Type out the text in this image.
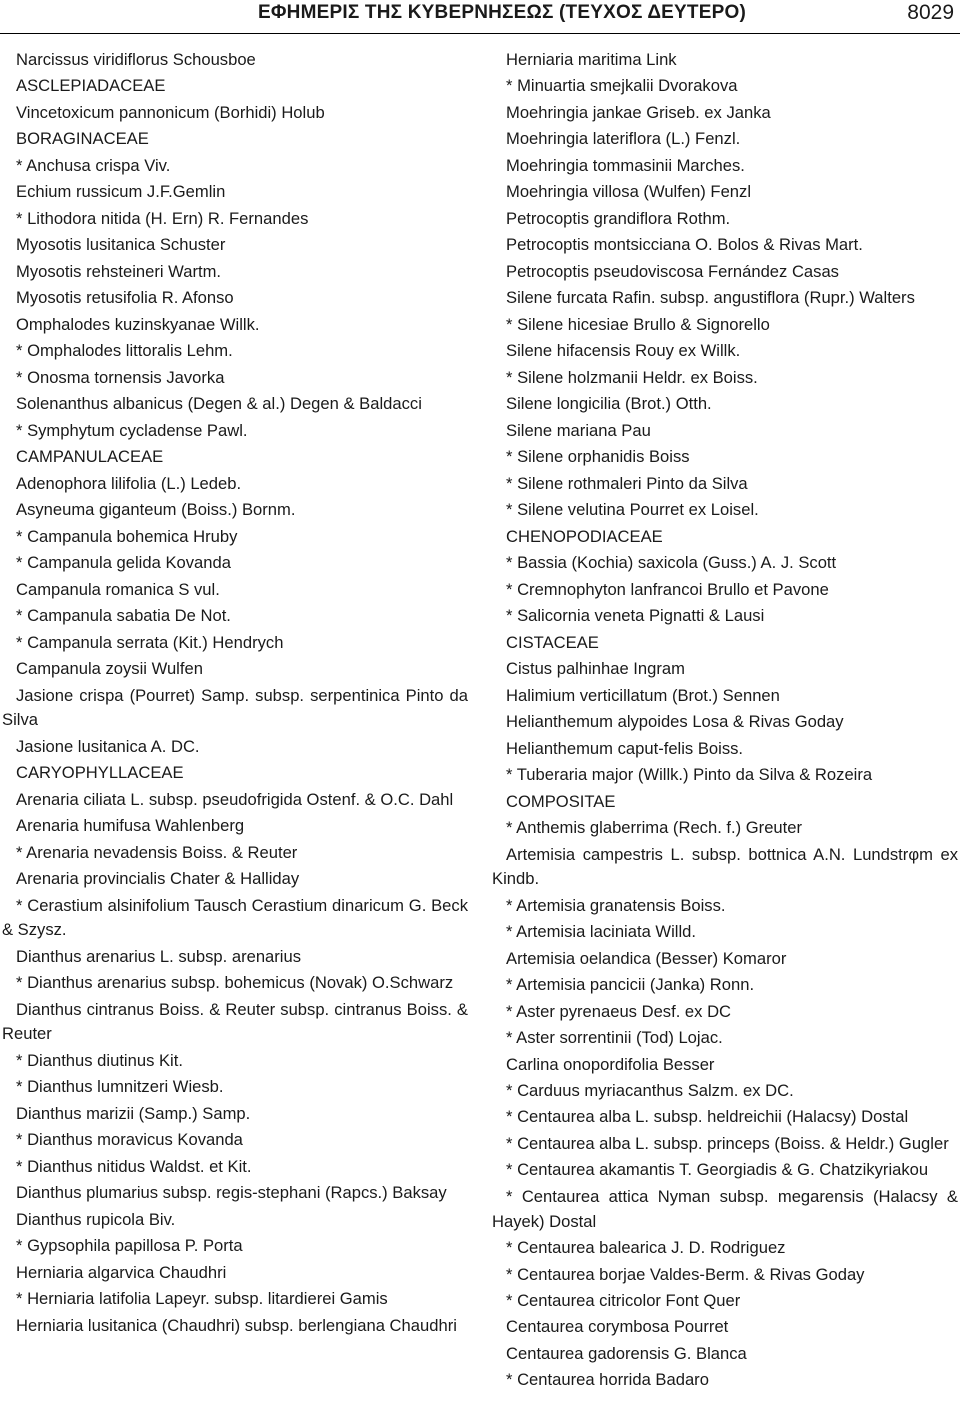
ΕΦΗΜΕΡΙΣ ΤΗΣ ΚΥΒΕΡΝΗΣΕΩΣ (ΤΕΥΧΟΣ ΔΕΥΤΕΡΟ)	8029

Narcissus viridiflorus Schousboe

ASCLEPIADACEAE

Vincetoxicum pannonicum (Borhidi) Holub

BORAGINACEAE

* Anchusa crispa Viv.

Echium russicum J.F.Gemlin

* Lithodora nitida (H. Ern) R. Fernandes

Myosotis lusitanica Schuster

Myosotis rehsteineri Wartm.

Myosotis retusifolia R. Afonso

Omphalodes kuzinskyanae Willk.

* Omphalodes littoralis Lehm.

* Onosma tornensis Javorka

Solenanthus albanicus (Degen & al.) Degen & Baldacci

* Symphytum cycladense Pawl.

CAMPANULACEAE

Adenophora lilifolia (L.) Ledeb.

Asyneuma giganteum (Boiss.) Bornm.

* Campanula bohemica Hruby

* Campanula gelida Kovanda

Campanula romanica S vul.

* Campanula sabatia De Not.

* Campanula serrata (Kit.) Hendrych

Campanula zoysii Wulfen

Jasione crispa (Pourret) Samp. subsp. serpentinica Pinto da Silva

Jasione lusitanica A. DC.

CARYOPHYLLACEAE

Arenaria ciliata L. subsp. pseudofrigida Ostenf. & O.C. Dahl

Arenaria humifusa Wahlenberg

* Arenaria nevadensis Boiss. & Reuter

Arenaria provincialis Chater & Halliday

* Cerastium alsinifolium Tausch Cerastium dinaricum G. Beck & Szysz.

Dianthus arenarius L. subsp. arenarius

* Dianthus arenarius subsp. bohemicus (Novak) O.Schwarz

Dianthus cintranus Boiss. & Reuter subsp. cintranus Boiss. & Reuter

* Dianthus diutinus Kit.

* Dianthus lumnitzeri Wiesb.

Dianthus marizii (Samp.) Samp.

* Dianthus moravicus Kovanda

* Dianthus nitidus Waldst. et Kit.

Dianthus plumarius subsp. regis-stephani (Rapcs.) Baksay

Dianthus rupicola Biv.

* Gypsophila papillosa P. Porta

Herniaria algarvica Chaudhri

* Herniaria latifolia Lapeyr. subsp. litardierei Gamis

Herniaria lusitanica (Chaudhri) subsp. berlengiana Chaudhri

Herniaria maritima Link

* Minuartia smejkalii Dvorakova

Moehringia jankae Griseb. ex Janka

Moehringia lateriflora (L.) Fenzl.

Moehringia tommasinii Marches.

Moehringia villosa (Wulfen) Fenzl

Petrocoptis grandiflora Rothm.

Petrocoptis montsicciana O. Bolos & Rivas Mart.

Petrocoptis pseudoviscosa Fernández Casas

Silene furcata Rafin. subsp. angustiflora (Rupr.) Walters

* Silene hicesiae Brullo & Signorello

Silene hifacensis Rouy ex Willk.

* Silene holzmanii Heldr. ex Boiss.

Silene longicilia (Brot.) Otth.

Silene mariana Pau

* Silene orphanidis Boiss

* Silene rothmaleri Pinto da Silva

* Silene velutina Pourret ex Loisel.

CHENOPODIACEAE

* Bassia (Kochia) saxicola (Guss.) A. J. Scott

* Cremnophyton lanfrancoi Brullo et Pavone

* Salicornia veneta Pignatti & Lausi

CISTACEAE

Cistus palhinhae Ingram

Halimium verticillatum (Brot.) Sennen

Helianthemum alypoides Losa & Rivas Goday

Helianthemum caput-felis Boiss.

* Tuberaria major (Willk.) Pinto da Silva & Rozeira

COMPOSITAE

* Anthemis glaberrima (Rech. f.) Greuter

Artemisia campestris L. subsp. bottnica A.N. Lundstrφm ex Kindb.

* Artemisia granatensis Boiss.

* Artemisia laciniata Willd.

Artemisia oelandica (Besser) Komaror

* Artemisia pancicii (Janka) Ronn.

* Aster pyrenaeus Desf. ex DC

* Aster sorrentinii (Tod) Lojac.

Carlina onopordifolia Besser

* Carduus myriacanthus Salzm. ex DC.

* Centaurea alba L. subsp. heldreichii (Halacsy) Dostal

* Centaurea alba L. subsp. princeps (Boiss. & Heldr.) Gugler

* Centaurea akamantis T. Georgiadis & G. Chatzikyriakou

* Centaurea attica Nyman subsp. megarensis (Halacsy & Hayek) Dostal

* Centaurea balearica J. D. Rodriguez

* Centaurea borjae Valdes-Berm. & Rivas Goday

* Centaurea citricolor Font Quer

Centaurea corymbosa Pourret

Centaurea gadorensis G. Blanca

* Centaurea horrida Badaro
